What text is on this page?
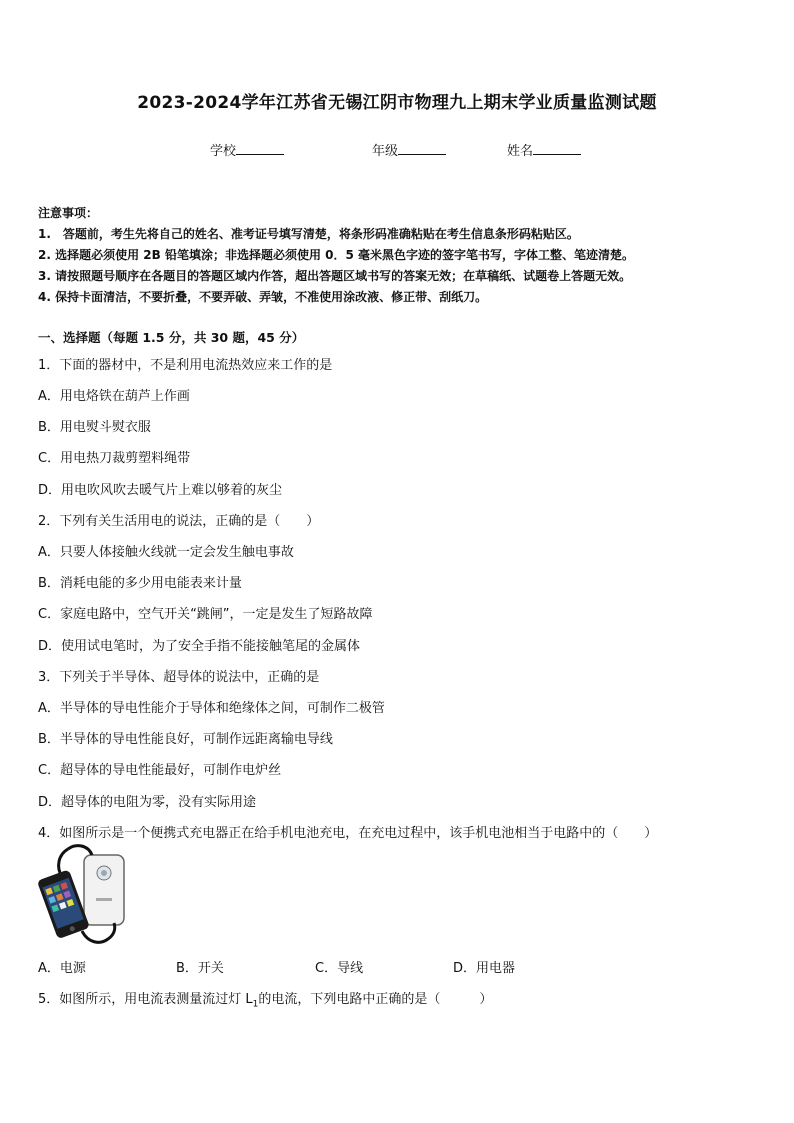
2023-2024学年江苏省无锡江阴市物理九上期末学业质量监测试题
学校	年级	姓名
注意事项：
1.　答题前，考生先将自己的姓名、准考证号填写清楚，将条形码准确粘贴在考生信息条形码粘贴区。
2. 选择题必须使用 2B 铅笔填涂；非选择题必须使用 0．5 毫米黑色字迹的签字笔书写，字体工整、笔迹清楚。
3. 请按照题号顺序在各题目的答题区域内作答，超出答题区域书写的答案无效；在草稿纸、试题卷上答题无效。
4. 保持卡面清洁，不要折叠，不要弄破、弄皱，不准使用涂改液、修正带、刮纸刀。
一、选择题（每题 1.5 分，共 30 题，45 分）
1．下面的器材中，不是利用电流热效应来工作的是
A．用电烙铁在葫芦上作画
B．用电熨斗熨衣服
C．用电热刀裁剪塑料绳带
D．用电吹风吹去暖气片上难以够着的灰尘
2．下列有关生活用电的说法，正确的是（　　）
A．只要人体接触火线就一定会发生触电事故
B．消耗电能的多少用电能表来计量
C．家庭电路中，空气开关“跳闸”，一定是发生了短路故障
D．使用试电笔时，为了安全手指不能接触笔尾的金属体
3．下列关于半导体、超导体的说法中，正确的是
A．半导体的导电性能介于导体和绝缘体之间，可制作二极管
B．半导体的导电性能良好，可制作远距离输电导线
C．超导体的导电性能最好，可制作电炉丝
D．超导体的电阻为零，没有实际用途
4．如图所示是一个便携式充电器正在给手机电池充电，在充电过程中，该手机电池相当于电路中的（　　）
A．电源	B．开关	C．导线	D．用电器
5．如图所示，用电流表测量流过灯 $L_1$的电流，下列电路中正确的是（　　　）
